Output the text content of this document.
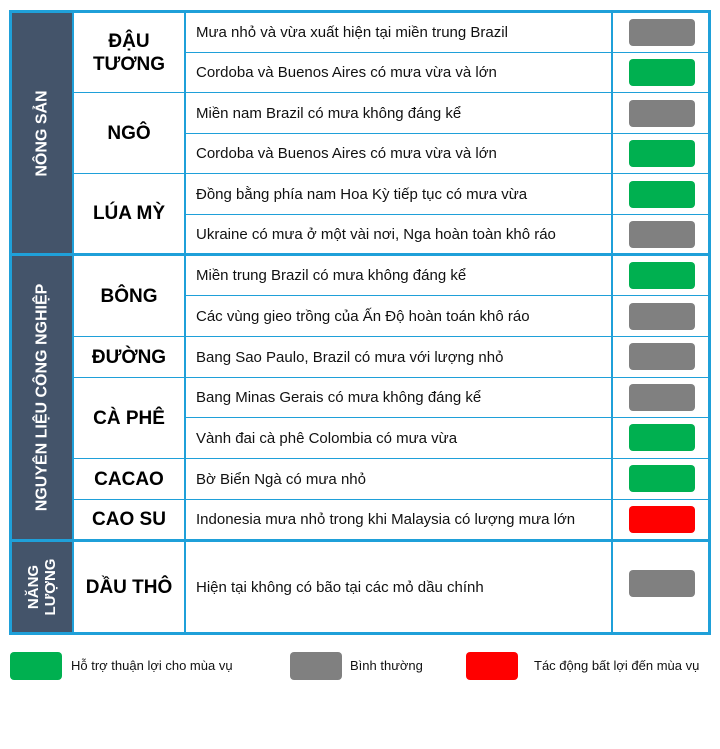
NÔNG SẢN
NGUYÊN LIỆU CÔNG NGHIỆP
NĂNG LƯỢNG
ĐẬU TƯƠNG
NGÔ
LÚA MỲ
BÔNG
ĐƯỜNG
CÀ PHÊ
CACAO
CAO SU
DẦU THÔ
Mưa nhỏ và vừa xuất hiện tại miền trung Brazil
Cordoba và Buenos Aires có mưa vừa và lớn
Miền nam Brazil có mưa không đáng kể
Cordoba và Buenos Aires có mưa vừa và lớn
Đồng bằng phía nam Hoa Kỳ tiếp tục có mưa vừa
Ukraine có mưa ở một vài nơi, Nga hoàn toàn khô ráo
Miền trung Brazil có mưa không đáng kể
Các vùng gieo trồng của Ấn Độ hoàn toán khô ráo
Bang Sao Paulo, Brazil có mưa với lượng nhỏ
Bang Minas Gerais có mưa không đáng kể
Vành đai cà phê Colombia có mưa vừa
Bờ Biển Ngà có mưa nhỏ
Indonesia mưa nhỏ trong khi Malaysia có lượng mưa lớn
Hiện tại không có bão tại các mỏ dầu chính
Hỗ trợ thuận lợi cho mùa vụ	Bình thường	Tác động bất lợi đến mùa vụ
